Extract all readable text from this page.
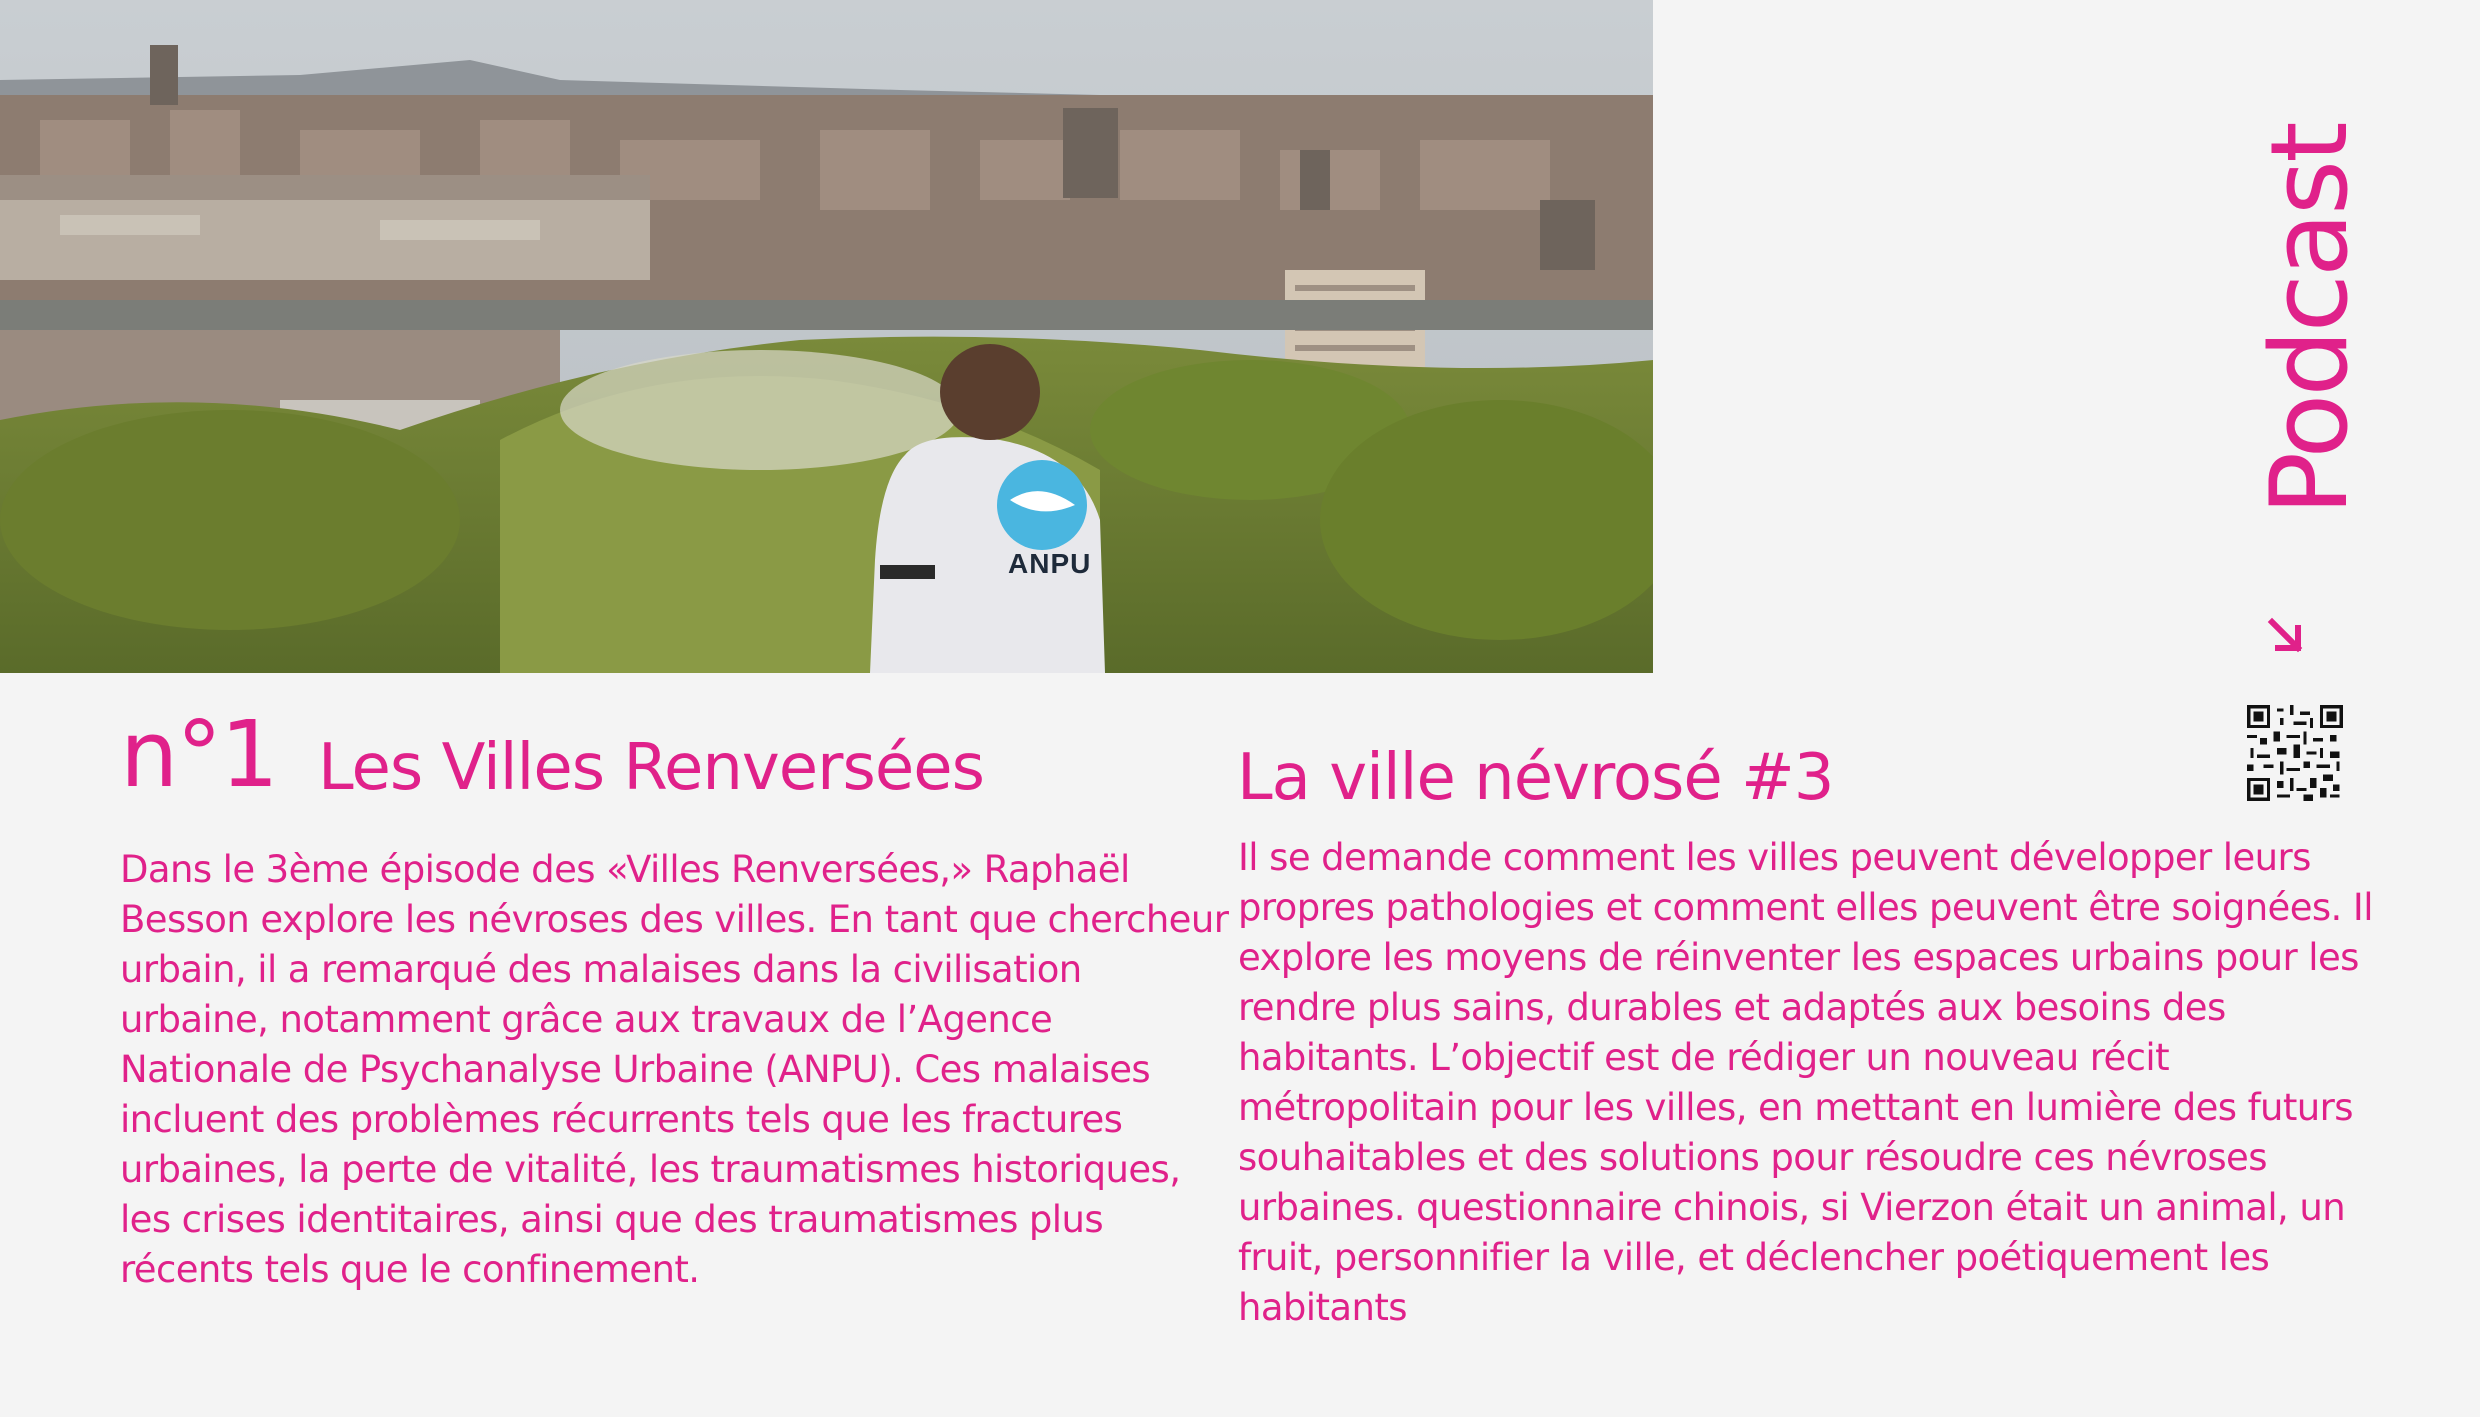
ANPU
n°1 Les Villes Renversées	La ville névrosé #3

Dans le 3ème épisode des «Villes Renversées,» Raphaël Besson explore les névroses des villes. En tant que chercheur urbain, il a remarqué des malaises dans la civilisation urbaine, notamment grâce aux travaux de l’Agence Nationale de Psychanalyse Urbaine (ANPU). Ces malaises incluent des problèmes récurrents tels que les fractures urbaines, la perte de vitalité, les traumatismes historiques, les crises identitaires, ainsi que des traumatismes plus récents tels que le confinement.

Il se demande comment les villes peuvent développer leurs propres pathologies et comment elles peuvent être soignées. Il explore les moyens de réinventer les espaces urbains pour les rendre plus sains, durables et adaptés aux besoins des habitants. L’objectif est de rédiger un nouveau récit métropolitain pour les villes, en mettant en lumière des futurs souhaitables et des solutions pour résoudre ces névroses urbaines. questionnaire chinois, si Vierzon était un animal, un fruit, personnifier la ville, et déclencher poétiquement les habitants

Podcast
